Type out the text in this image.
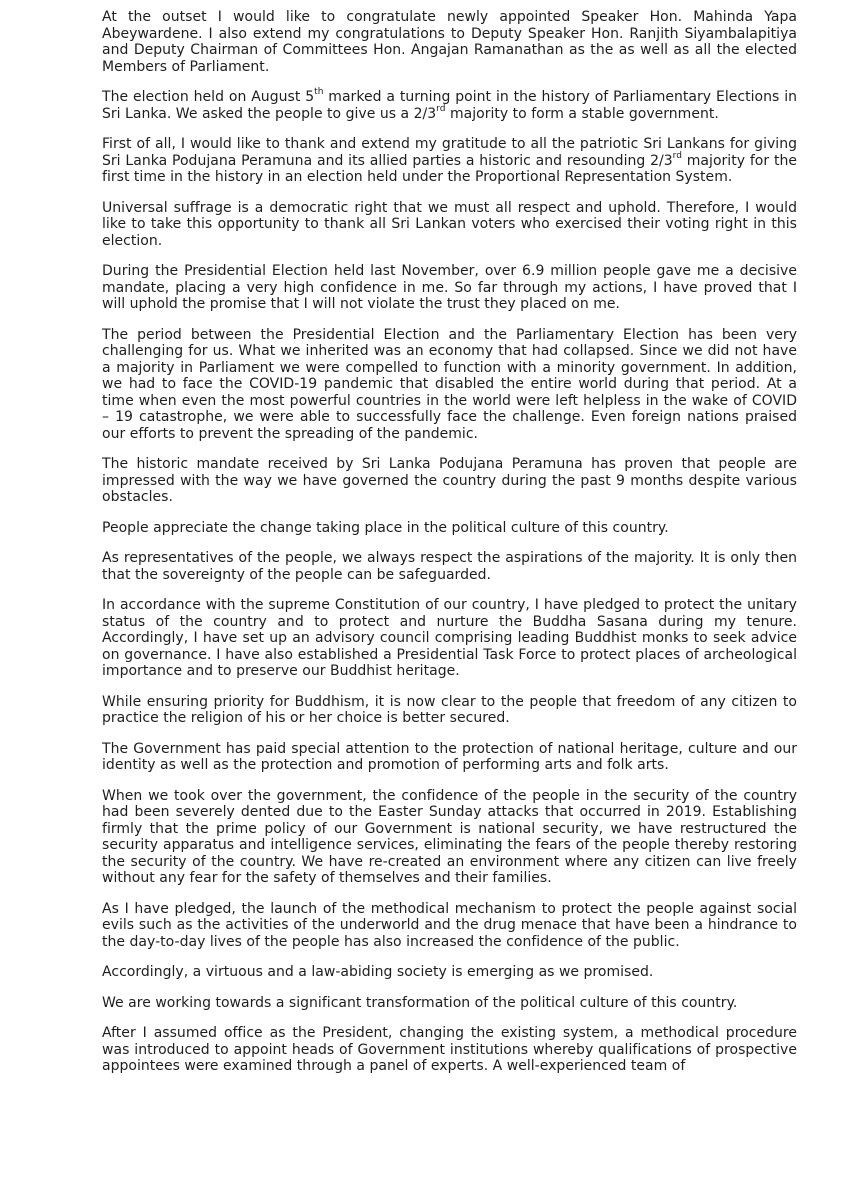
At the outset I would like to congratulate newly appointed Speaker Hon. Mahinda Yapa Abeywardene. I also extend my congratulations to Deputy Speaker Hon. Ranjith Siyambalapitiya and Deputy Chairman of Committees Hon. Angajan Ramanathan as the as well as all the elected Members of Parliament.

The election held on August 5th marked a turning point in the history of Parliamentary Elections in Sri Lanka. We asked the people to give us a 2/3rd majority to form a stable government.

First of all, I would like to thank and extend my gratitude to all the patriotic Sri Lankans for giving Sri Lanka Podujana Peramuna and its allied parties a historic and resounding 2/3rd majority for the first time in the history in an election held under the Proportional Representation System.

Universal suffrage is a democratic right that we must all respect and uphold. Therefore, I would like to take this opportunity to thank all Sri Lankan voters who exercised their voting right in this election.

During the Presidential Election held last November, over 6.9 million people gave me a decisive mandate, placing a very high confidence in me. So far through my actions, I have proved that I will uphold the promise that I will not violate the trust they placed on me.

The period between the Presidential Election and the Parliamentary Election has been very challenging for us. What we inherited was an economy that had collapsed. Since we did not have a majority in Parliament we were compelled to function with a minority government. In addition, we had to face the COVID-19 pandemic that disabled the entire world during that period. At a time when even the most powerful countries in the world were left helpless in the wake of COVID – 19 catastrophe, we were able to successfully face the challenge. Even foreign nations praised our efforts to prevent the spreading of the pandemic.

The historic mandate received by Sri Lanka Podujana Peramuna has proven that people are impressed with the way we have governed the country during the past 9 months despite various obstacles.

People appreciate the change taking place in the political culture of this country.

As representatives of the people, we always respect the aspirations of the majority. It is only then that the sovereignty of the people can be safeguarded.

In accordance with the supreme Constitution of our country, I have pledged to protect the unitary status of the country and to protect and nurture the Buddha Sasana during my tenure. Accordingly, I have set up an advisory council comprising leading Buddhist monks to seek advice on governance. I have also established a Presidential Task Force to protect places of archeological importance and to preserve our Buddhist heritage.

While ensuring priority for Buddhism, it is now clear to the people that freedom of any citizen to practice the religion of his or her choice is better secured.

The Government has paid special attention to the protection of national heritage, culture and our identity as well as the protection and promotion of performing arts and folk arts.

When we took over the government, the confidence of the people in the security of the country had been severely dented due to the Easter Sunday attacks that occurred in 2019. Establishing firmly that the prime policy of our Government is national security, we have restructured the security apparatus and intelligence services, eliminating the fears of the people thereby restoring the security of the country. We have re-created an environment where any citizen can live freely without any fear for the safety of themselves and their families.

As I have pledged, the launch of the methodical mechanism to protect the people against social evils such as the activities of the underworld and the drug menace that have been a hindrance to the day-to-day lives of the people has also increased the confidence of the public.

Accordingly, a virtuous and a law-abiding society is emerging as we promised.

We are working towards a significant transformation of the political culture of this country.

After I assumed office as the President, changing the existing system, a methodical procedure was introduced to appoint heads of Government institutions whereby qualifications of prospective appointees were examined through a panel of experts. A well-experienced team of
